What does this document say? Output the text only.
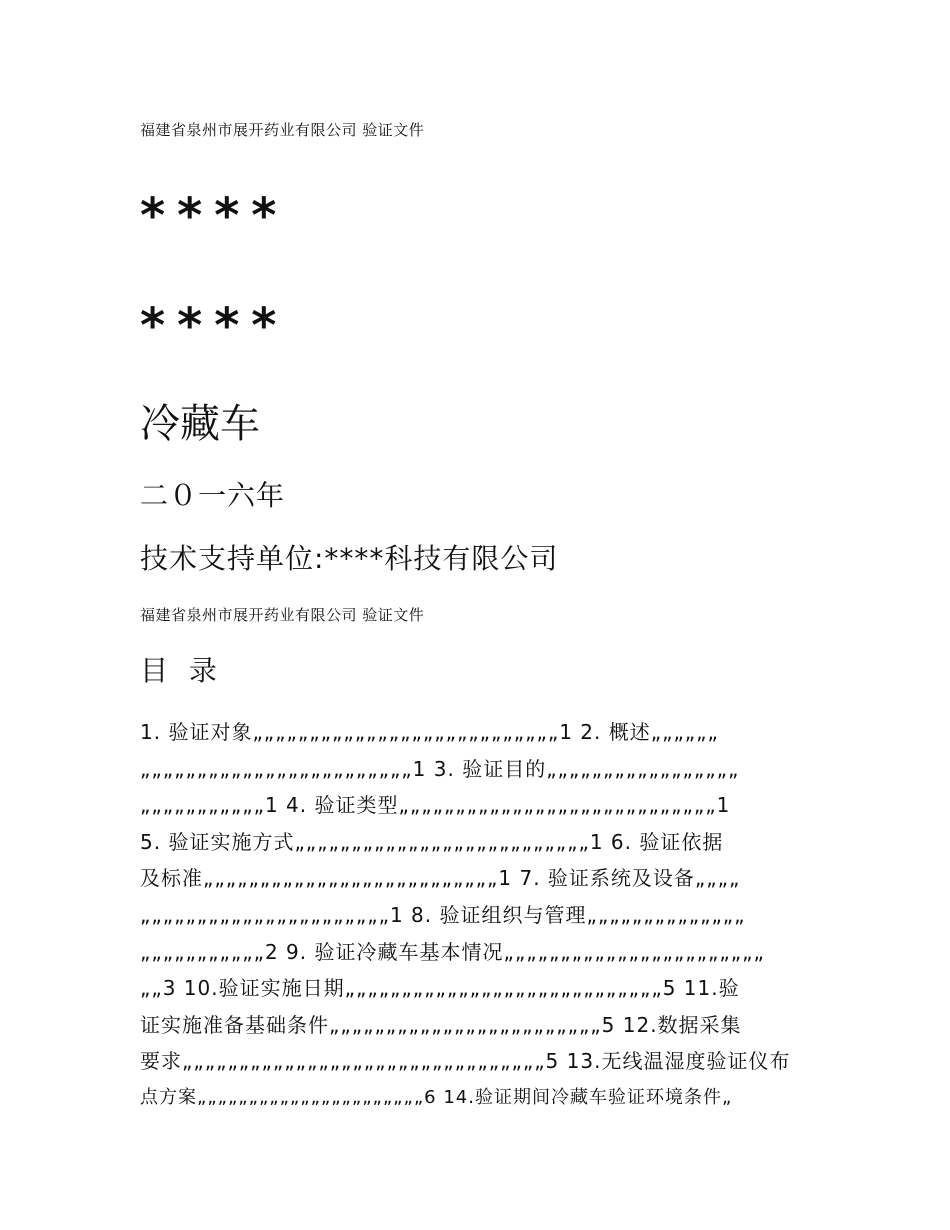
福建省泉州市展开药业有限公司 验证文件
****
****
冷藏车
二０一六年
技术支持单位:****科技有限公司
福建省泉州市展开药业有限公司 验证文件
目 录
1. 验证对象„„„„„„„„„„„„„„„„„„„„„„„„„„„1 2. 概述„„„„„„
„„„„„„„„„„„„„„„„„„„„„„„„1 3. 验证目的„„„„„„„„„„„„„„„„„
„„„„„„„„„„„1 4. 验证类型„„„„„„„„„„„„„„„„„„„„„„„„„„„„1
5. 验证实施方式„„„„„„„„„„„„„„„„„„„„„„„„„„1 6. 验证依据
及标准„„„„„„„„„„„„„„„„„„„„„„„„„„1 7. 验证系统及设备„„„„
„„„„„„„„„„„„„„„„„„„„„„1 8. 验证组织与管理„„„„„„„„„„„„„„
„„„„„„„„„„„2 9. 验证冷藏车基本情况„„„„„„„„„„„„„„„„„„„„„„„
„„3 10.验证实施日期„„„„„„„„„„„„„„„„„„„„„„„„„„„„5 11.验
证实施准备基础条件„„„„„„„„„„„„„„„„„„„„„„„„5 12.数据采集
要求„„„„„„„„„„„„„„„„„„„„„„„„„„„„„„„„5 13.无线温湿度验证仪布
点方案„„„„„„„„„„„„„„„„„„„„„„6 14.验证期间冷藏车验证环境条件„
